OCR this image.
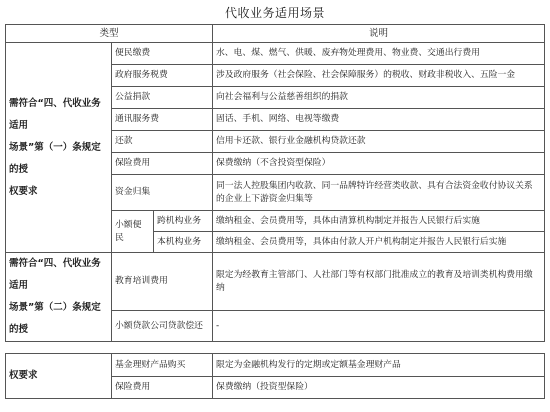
代收业务适用场景
类型			说明

需符合“四、代收业务适用
场景”第（一）条规定的授
权要求	便民缴费		水、电、煤、燃气、供暖、废弃物处理费用、物业费、交通出行费用
	政府服务税费		涉及政府服务（社会保险、社会保障服务）的税收、财政非税收入、五险一金
	公益捐款		向社会福利与公益慈善组织的捐款
	通讯服务费		固话、手机、网络、电视等缴费
	还款		信用卡还款、银行业金融机构贷款还款
	保险费用		保费缴纳（不含投资型保险）
	资金归集		同一法人控股集团内收款、同一品牌特许经营类收款、具有合法资金收付协议关系的企业上下游资金归集等
	小额便民	跨机构业务	缴纳租金、会员费用等，具体由清算机构制定并报告人民银行后实施
		本机构业务	缴纳租金、会员费用等，具体由付款人开户机构制定并报告人民银行后实施

需符合“四、代收业务适用
场景”第（二）条规定的授	教育培训费用		限定为经教育主管部门、人社部门等有权部门批准成立的教育及培训类机构费用缴纳
	小额贷款公司贷款偿还		-
权要求	基金理财产品购买	限定为金融机构发行的定期或定额基金理财产品
	保险费用	保费缴纳（投资型保险）
